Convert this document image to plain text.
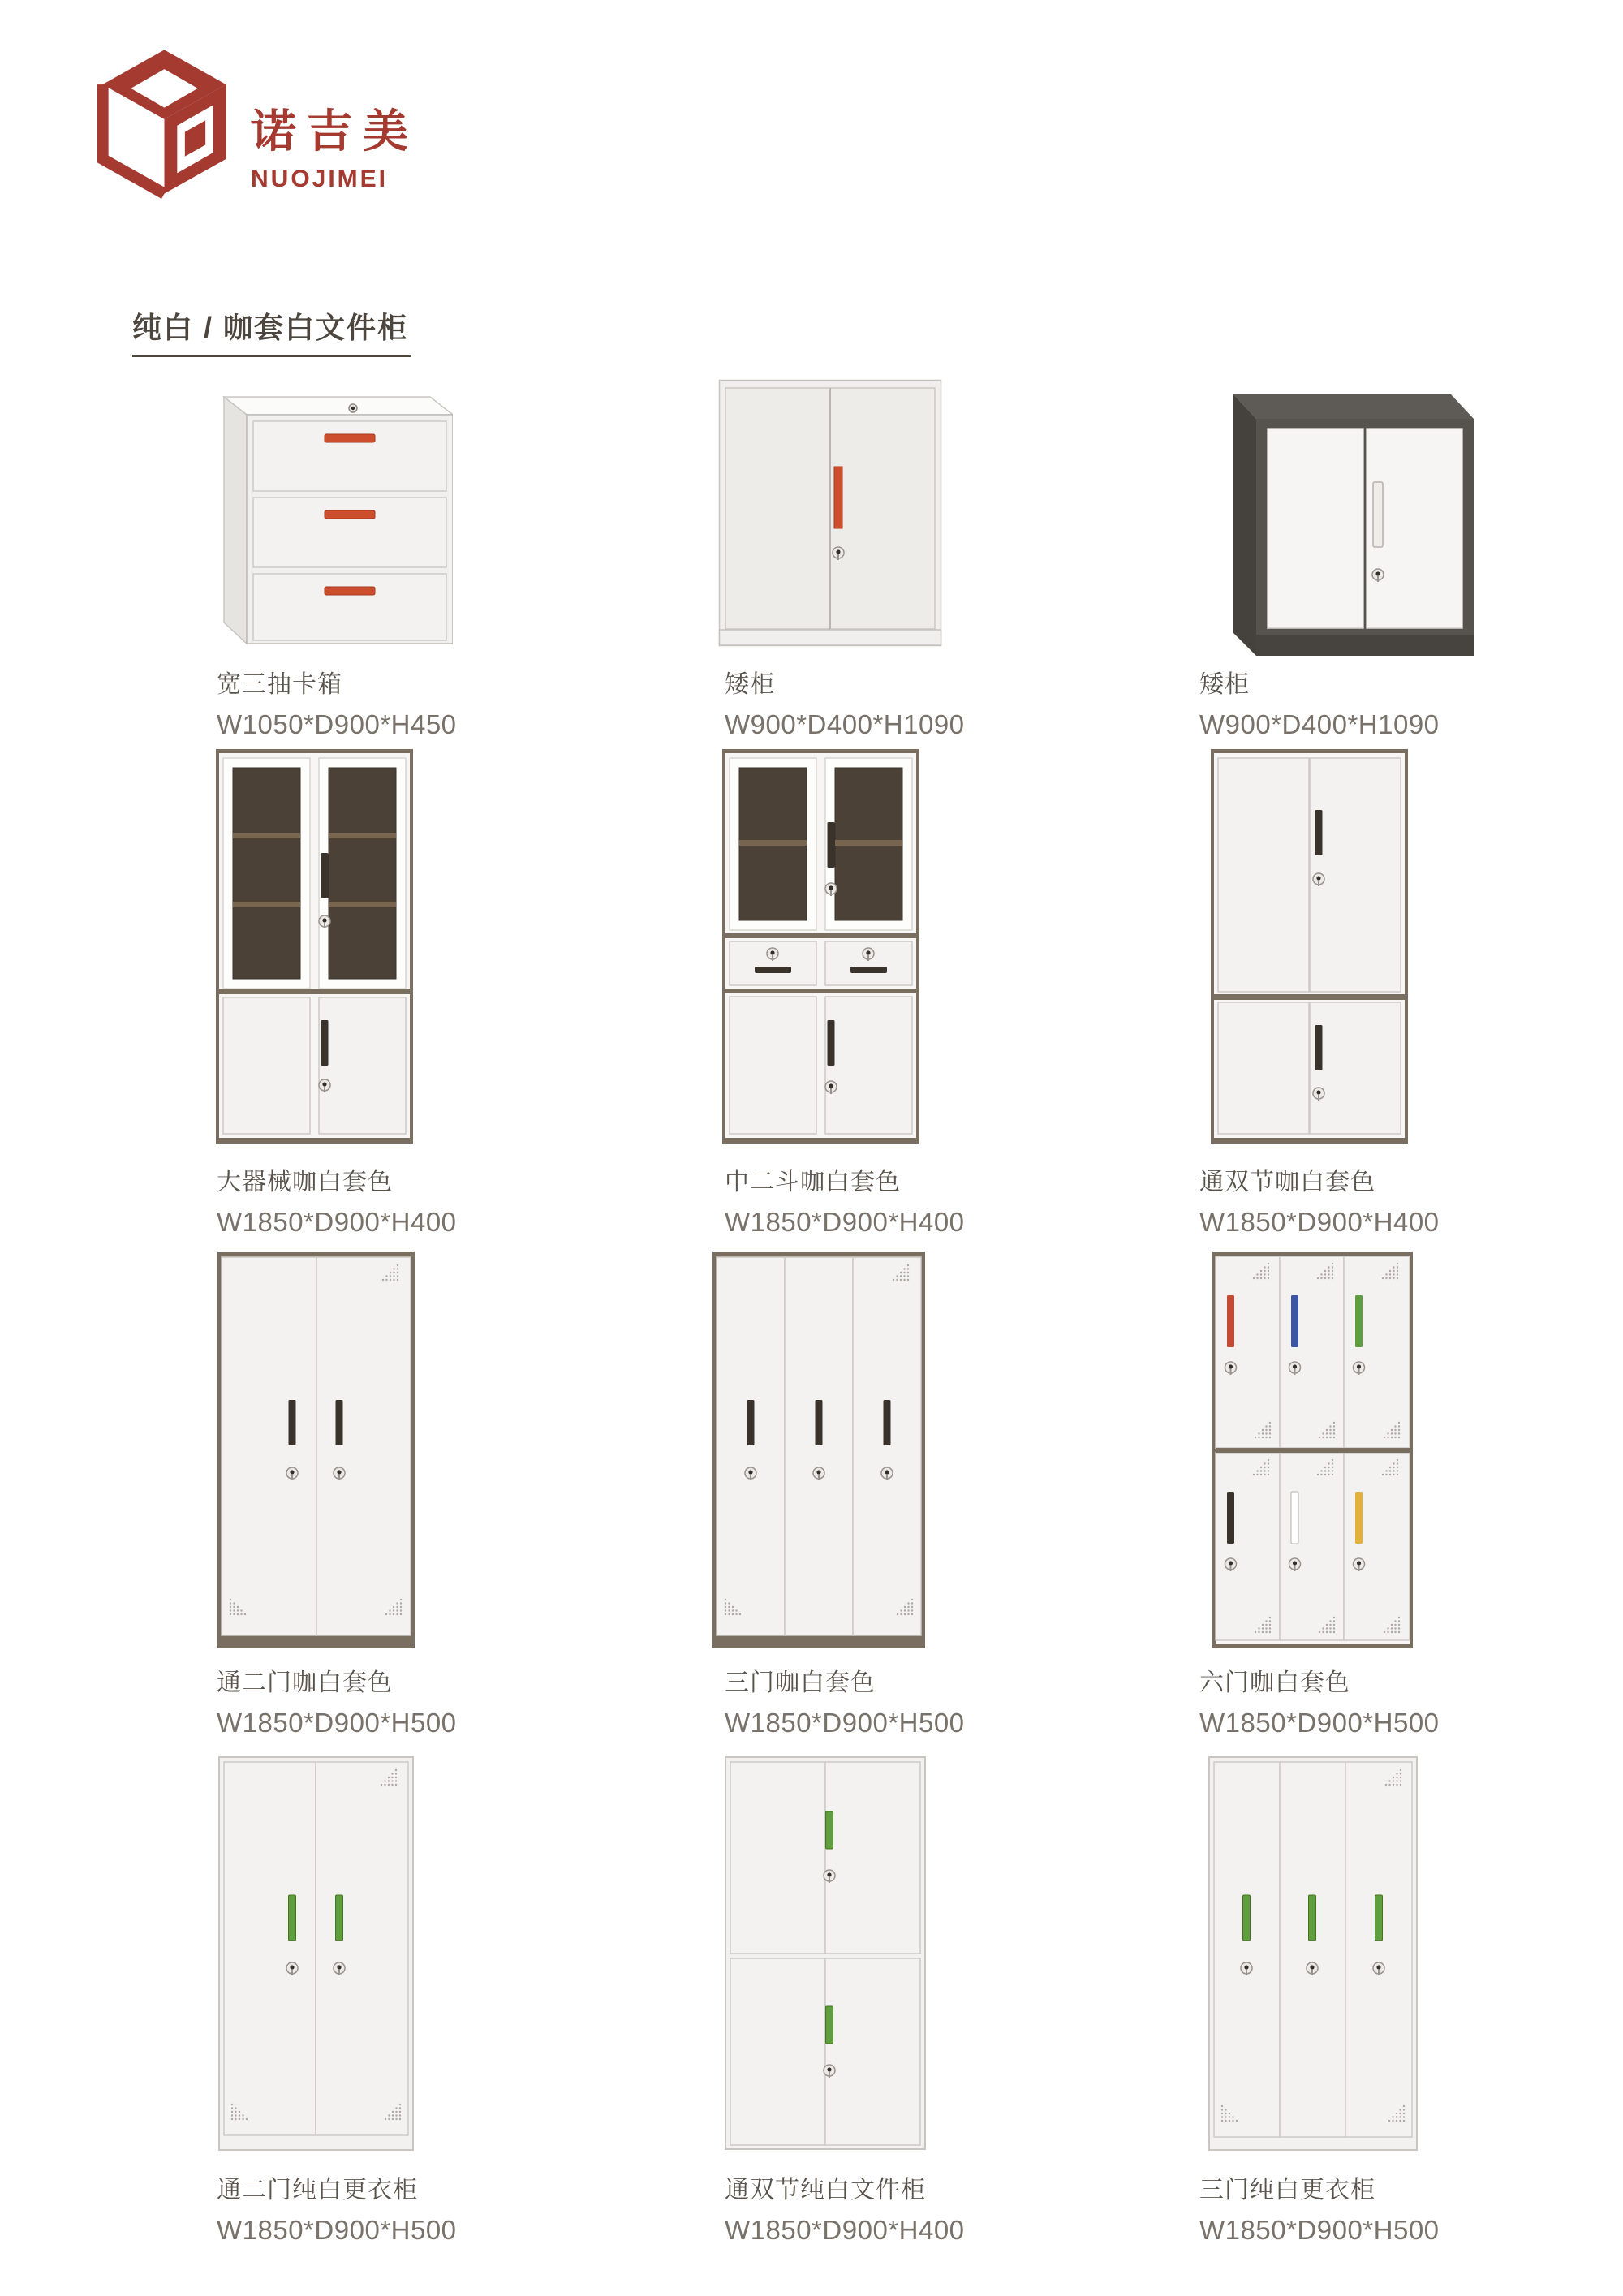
诺吉美
NUOJIMEI
纯白 / 咖套白文件柜
宽三抽卡箱
W1050*D900*H450
矮柜
W900*D400*H1090
矮柜
W900*D400*H1090
大器械咖白套色
W1850*D900*H400
中二斗咖白套色
W1850*D900*H400
通双节咖白套色
W1850*D900*H400
通二门咖白套色
W1850*D900*H500
三门咖白套色
W1850*D900*H500
六门咖白套色
W1850*D900*H500
通二门纯白更衣柜
W1850*D900*H500
通双节纯白文件柜
W1850*D900*H400
三门纯白更衣柜
W1850*D900*H500
